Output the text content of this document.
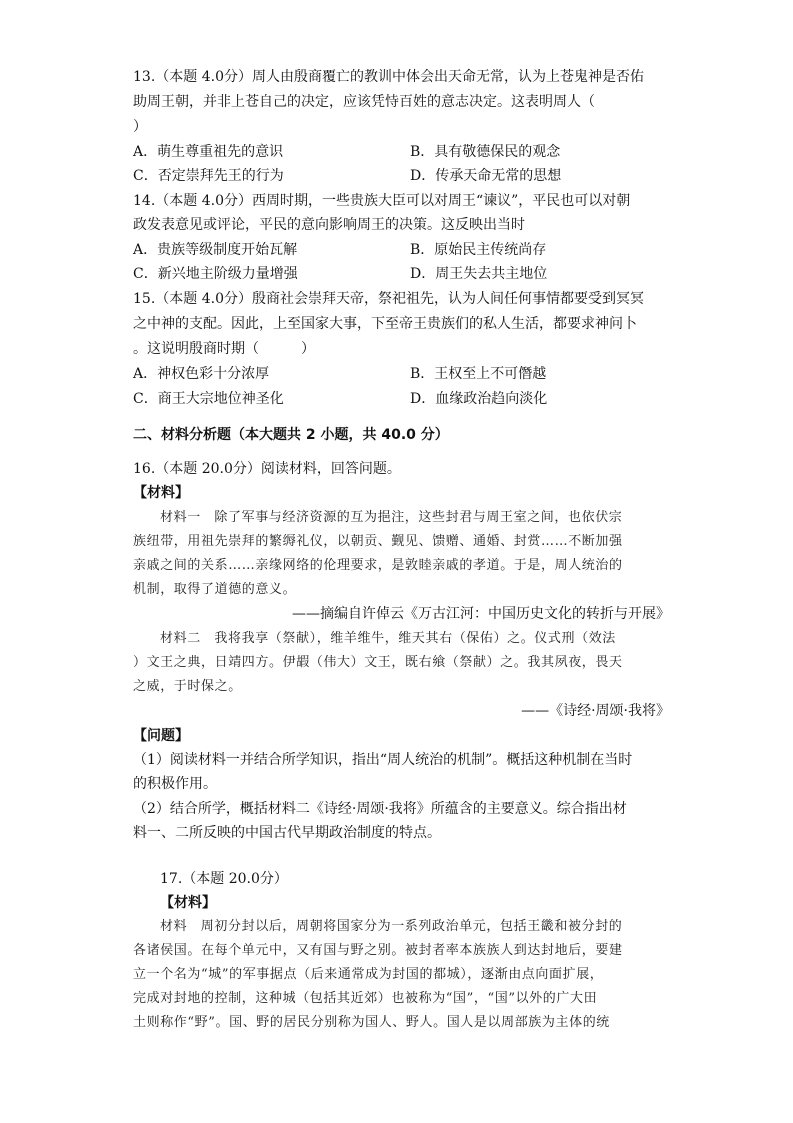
13.（本题 4.0分）周人由殷商覆亡的教训中体会出天命无常，认为上苍鬼神是否佑
助周王朝，并非上苍自己的决定，应该凭恃百姓的意志决定。这表明周人（
）
A．萌生尊重祖先的意识	B．具有敬德保民的观念
C．否定崇拜先王的行为	D．传承天命无常的思想
14.（本题 4.0分）西周时期，一些贵族大臣可以对周王“谏议”，平民也可以对朝
政发表意见或评论，平民的意向影响周王的决策。这反映出当时
A．贵族等级制度开始瓦解	B．原始民主传统尚存
C．新兴地主阶级力量增强	D．周王失去共主地位
15.（本题 4.0分）殷商社会崇拜天帝，祭祀祖先，认为人间任何事情都要受到冥冥
之中神的支配。因此，上至国家大事，下至帝王贵族们的私人生活，都要求神问卜
。这说明殷商时期（　　　）
A．神权色彩十分浓厚	B．王权至上不可僭越
C．商王大宗地位神圣化	D．血缘政治趋向淡化
二、材料分析题（本大题共 2 小题，共 40.0 分）
16.（本题 20.0分）阅读材料，回答问题。
【材料】
材料一　除了军事与经济资源的互为挹注，这些封君与周王室之间，也依伏宗
族纽带，用祖先崇拜的繁缛礼仪，以朝贡、觐见、馈赠、通婚、封赏……不断加强
亲戚之间的关系……亲缘网络的伦理要求，是敦睦亲戚的孝道。于是，周人统治的
机制，取得了道德的意义。
——摘编自许倬云《万古江河：中国历史文化的转折与开展》
材料二　我将我享（祭献），维羊维牛，维天其右（保佑）之。仪式刑（效法
）文王之典，日靖四方。伊嘏（伟大）文王，既右飨（祭献）之。我其夙夜，畏天
之威，于时保之。
——《诗经·周颂·我将》
【问题】
（1）阅读材料一并结合所学知识，指出“周人统治的机制”。概括这种机制在当时
的积极作用。
（2）结合所学，概括材料二《诗经·周颂·我将》所蕴含的主要意义。综合指出材
料一、二所反映的中国古代早期政治制度的特点。
17.（本题 20.0分）
【材料】
材料　周初分封以后，周朝将国家分为一系列政治单元，包括王畿和被分封的
各诸侯国。在每个单元中，又有国与野之别。被封者率本族族人到达封地后，要建
立一个名为“城”的军事据点（后来通常成为封国的都城），逐渐由点向面扩展，
完成对封地的控制，这种城（包括其近郊）也被称为“国”，“国”以外的广大田
土则称作“野”。国、野的居民分别称为国人、野人。国人是以周部族为主体的统
